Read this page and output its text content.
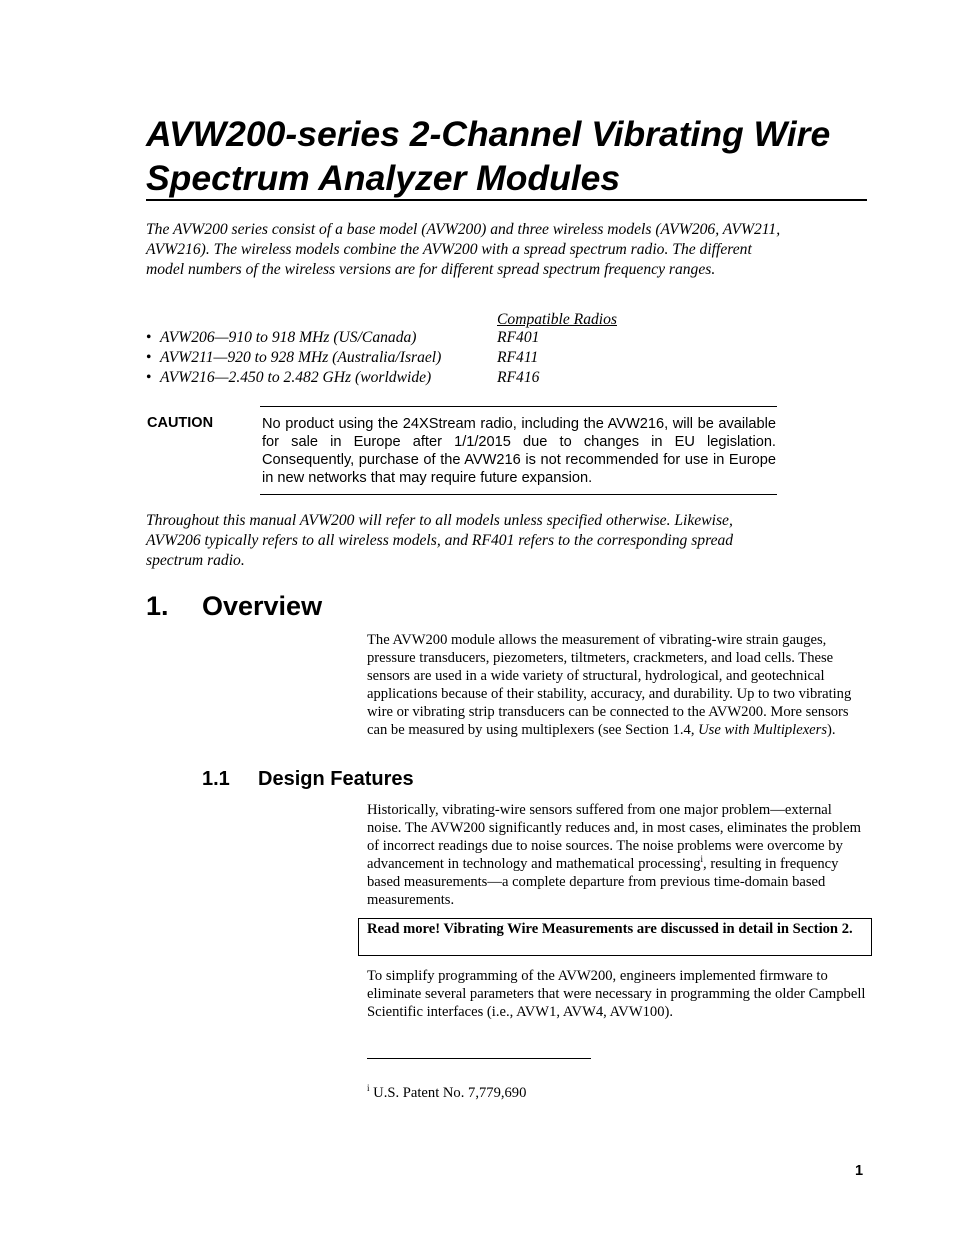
AVW200-series 2-Channel Vibrating Wire Spectrum Analyzer Modules

The AVW200 series consist of a base model (AVW200) and three wireless models (AVW206, AVW211, AVW216). The wireless models combine the AVW200 with a spread spectrum radio. The different model numbers of the wireless versions are for different spread spectrum frequency ranges.

Compatible Radios
• AVW206—910 to 918 MHz (US/Canada)	RF401
• AVW211—920 to 928 MHz (Australia/Israel)	RF411
• AVW216—2.450 to 2.482 GHz (worldwide)	RF416
CAUTION	No product using the 24XStream radio, including the AVW216, will be available for sale in Europe after 1/1/2015 due to changes in EU legislation. Consequently, purchase of the AVW216 is not recommended for use in Europe in new networks that may require future expansion.

Throughout this manual AVW200 will refer to all models unless specified otherwise. Likewise, AVW206 typically refers to all wireless models, and RF401 refers to the corresponding spread spectrum radio.

1. Overview

The AVW200 module allows the measurement of vibrating-wire strain gauges, pressure transducers, piezometers, tiltmeters, crackmeters, and load cells. These sensors are used in a wide variety of structural, hydrological, and geotechnical applications because of their stability, accuracy, and durability. Up to two vibrating wire or vibrating strip transducers can be connected to the AVW200. More sensors can be measured by using multiplexers (see Section 1.4, Use with Multiplexers).

1.1 Design Features

Historically, vibrating-wire sensors suffered from one major problem—external noise. The AVW200 significantly reduces and, in most cases, eliminates the problem of incorrect readings due to noise sources. The noise problems were overcome by advancement in technology and mathematical processing$^i$, resulting in frequency based measurements—a complete departure from previous time-domain based measurements.

Read more! Vibrating Wire Measurements are discussed in detail in Section 2.

To simplify programming of the AVW200, engineers implemented firmware to eliminate several parameters that were necessary in programming the older Campbell Scientific interfaces (i.e., AVW1, AVW4, AVW100).

$^i$ U.S. Patent No. 7,779,690
1
